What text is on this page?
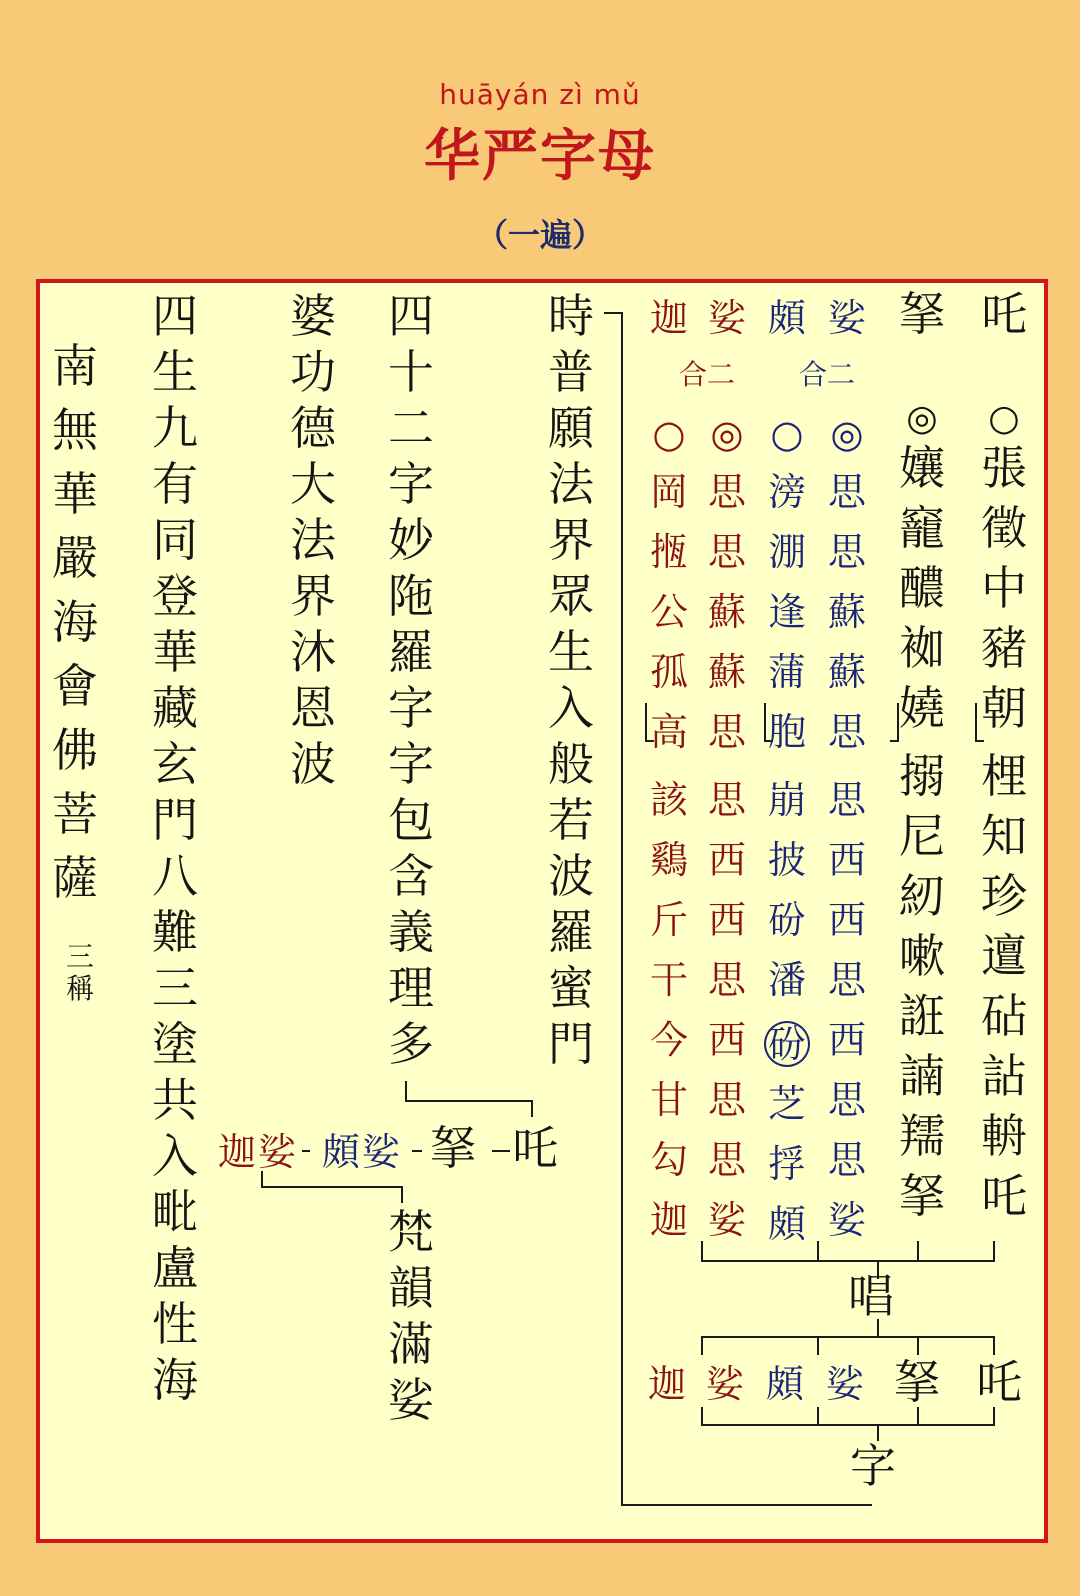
huāyán zì mǔ
华严字母
（一遍）
吒
○
張
徵
中
豬
朝
梩
知
珍
邅
砧
詀
輈
吒
拏
◎
孃
竉
醲
袽
嬈
搦
尼
紉
嗽
誑
諵
羺
拏
娑
合二
◎
思
思
蘇
蘇
思
思
西
西
思
西
思
思
娑
頗
○
滂
淜
逢
蒲
胞
崩
披
砏
潘
砏
芝
捊
頗
娑
合二
◎
思
思
蘇
蘇
思
思
西
西
思
西
思
思
娑
迦
○
岡
揯
公
孤
高
該
鷄
斤
干
今
甘
勾
迦
唱
迦 娑 頗 娑 拏 吒
字
時
普
願
法
界
眾
生
入
般
若
波
羅
蜜
門
四
十
二
字
妙
陁
羅
字
字
包
含
義
理
多
婆
功
德
大
法
界
沐
恩
波
四
生
九
有
同
登
華
藏
玄
門
八
難
三
塗
共
入
毗
盧
性
海
南
無
華
嚴
海
會
佛
菩
薩
三
稱
迦 娑 頗 娑 拏 吒
梵
韻
滿
娑
